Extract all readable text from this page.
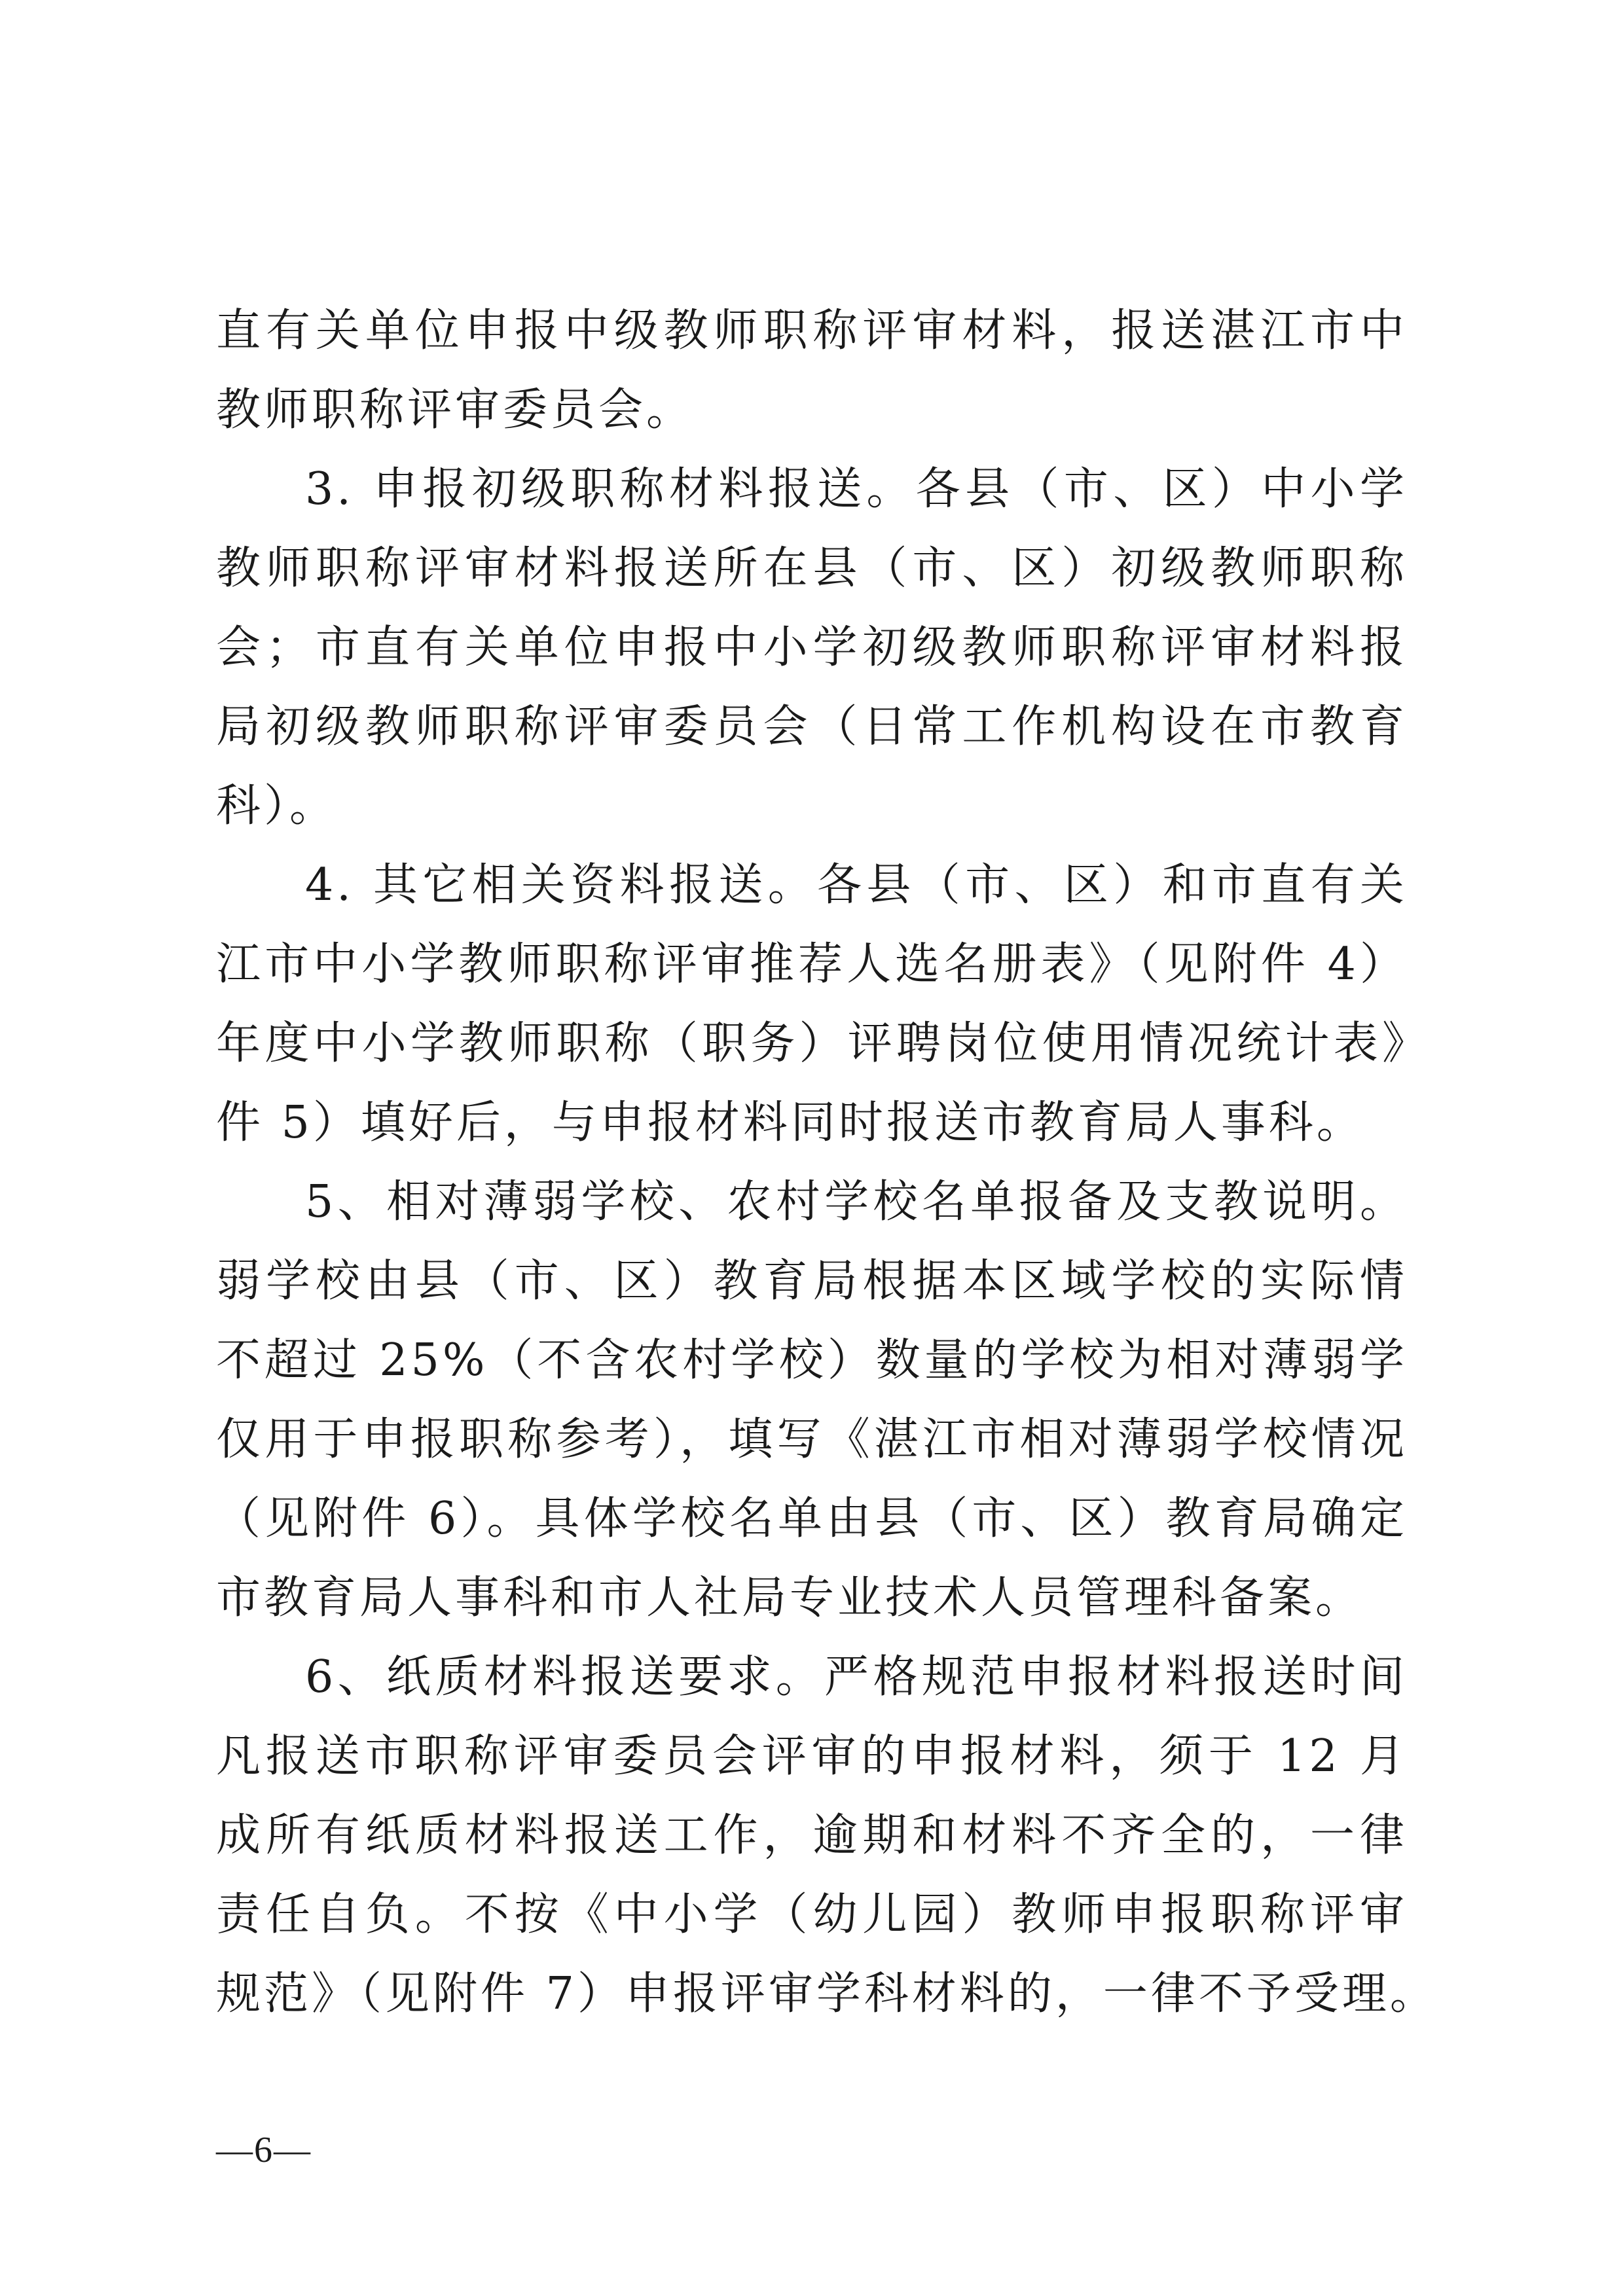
直有关单位申报中级教师职称评审材料，报送湛江市中
教师职称评审委员会。
3. 申报初级职称材料报送。各县（市、区）中小学
教师职称评审材料报送所在县（市、区）初级教师职称
会；市直有关单位申报中小学初级教师职称评审材料报
局初级教师职称评审委员会（日常工作机构设在市教育
科）。
4. 其它相关资料报送。各县（市、区）和市直有关
江市中小学教师职称评审推荐人选名册表》（见附件 4）
年度中小学教师职称（职务）评聘岗位使用情况统计表》
件 5）填好后，与申报材料同时报送市教育局人事科。
5、相对薄弱学校、农村学校名单报备及支教说明。
弱学校由县（市、区）教育局根据本区域学校的实际情
不超过 25%（不含农村学校）数量的学校为相对薄弱学
仅用于申报职称参考），填写《湛江市相对薄弱学校情况
（见附件 6）。具体学校名单由县（市、区）教育局确定
市教育局人事科和市人社局专业技术人员管理科备案。
6、纸质材料报送要求。严格规范申报材料报送时间
凡报送市职称评审委员会评审的申报材料，须于 12 月
成所有纸质材料报送工作，逾期和材料不齐全的，一律
责任自负。不按《中小学（幼儿园）教师申报职称评审
规范》（见附件 7）申报评审学科材料的，一律不予受理。
—6—
